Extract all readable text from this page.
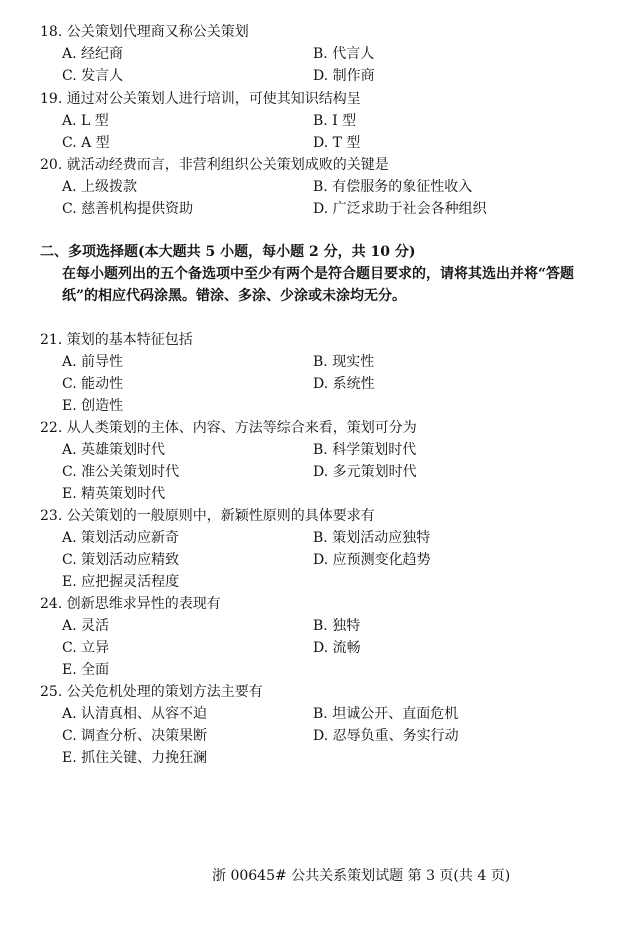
18. 公关策划代理商又称公关策划
A. 经纪商	B. 代言人
C. 发言人	D. 制作商
19. 通过对公关策划人进行培训，可使其知识结构呈
A. L 型	B. I 型
C. A 型	D. T 型
20. 就活动经费而言，非营利组织公关策划成败的关键是
A. 上级拨款	B. 有偿服务的象征性收入
C. 慈善机构提供资助	D. 广泛求助于社会各种组织
二、多项选择题(本大题共 5 小题，每小题 2 分，共 10 分)
在每小题列出的五个备选项中至少有两个是符合题目要求的，请将其选出并将“答题
纸”的相应代码涂黑。错涂、多涂、少涂或未涂均无分。
21. 策划的基本特征包括
A. 前导性	B. 现实性
C. 能动性	D. 系统性
E. 创造性
22. 从人类策划的主体、内容、方法等综合来看，策划可分为
A. 英雄策划时代	B. 科学策划时代
C. 准公关策划时代	D. 多元策划时代
E. 精英策划时代
23. 公关策划的一般原则中，新颖性原则的具体要求有
A. 策划活动应新奇	B. 策划活动应独特
C. 策划活动应精致	D. 应预测变化趋势
E. 应把握灵活程度
24. 创新思维求异性的表现有
A. 灵活	B. 独特
C. 立异	D. 流畅
E. 全面
25. 公关危机处理的策划方法主要有
A. 认清真相、从容不迫	B. 坦诚公开、直面危机
C. 调查分析、决策果断	D. 忍辱负重、务实行动
E. 抓住关键、力挽狂澜
浙 00645# 公共关系策划试题 第 3 页(共 4 页)
